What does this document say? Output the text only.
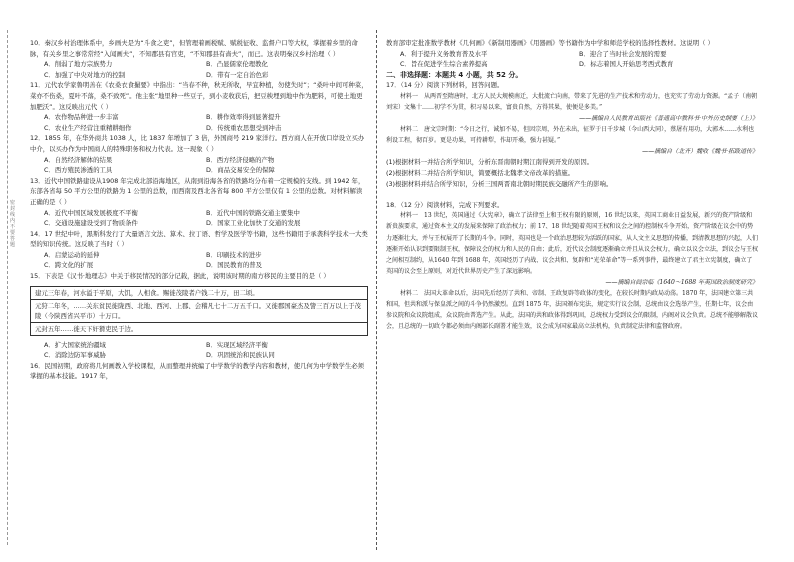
密 封 线 内 不 要 答 题

10．秦汉乡村治理体系中，乡画夫是为“斗食之吏”，但管理着画税赋、赋税征收、监督户口等大权，掌握着乡里的命脉，有关乡里之事常常经“入闻画夫”，不知郡县有官吏，“不知郡县有啬夫”，而已。这表明秦汉乡村治理（ ）

A．削弱了地方宗族势力	B．凸显儒家伦理教化
C．加强了中央对地方的控制	D．带有一定自治色彩

11．元代农学家鲁明善在《农桑衣食撮要》中指出：“当春不种，秋无所收，早宜种植，勿使失时”；“桑叶中间可种菜，菜亦不伤桑，夏叶不落，桑不致死”。他主张“地里种一些豆子，到小麦收获后，把豆秧埋到地中作为肥料，可使土地更加肥沃”。这反映出元代（ ）

A．农作物品种进一步丰富	B．耕作效率得到显著提升
C．农业生产经营注重精耕细作	D．传统重农思想受到冲击

12．1855 年，在华外商共 1038 人，比 1837 年增加了 3 倍，外国商号 219 家洋行。西方商人在开放口岸设立买办中介，以买办作为中国商人的特殊职务和权力代表。这一现象（ ）

A．自然经济解体的结果	B．西方经济侵略的产物
C．西方殖民渗透的工具	D．商品交易安全的保障

13．近代中国铁路建设从1908 年完成北部沿海地区，从南到沿海各省的铁路均分布着一定规模的支线。到 1942 年，东部各省每 50 平方公里的铁路为 1 公里的总数，而西南及西北各省每 800 平方公里仅有 1 公里的总数。对材料解读正确的是（ ）

A．近代中国区域发展极度不平衡	B．近代中国的铁路交通主要集中
C．交通设施建设受到了物质条件	D．国家工业化加快了交通的发展

14．17 世纪中叶，黑斯科发行了大量语言文法、算术、拉丁语、哲学及医学等书籍，这些书籍用于承袭科学技术一大类型的知识传统。这反映了当时（ ）

A．启蒙运动的延伸	B．印刷技术的进步
C．跨文化的扩展	D．国民教育的普及

15．下表是《汉书·地理志》中关于移民情况的部分记载，据此，说明该时期的南方移民的主要目的是（ ）

建元三年春，河水溢于平原，大饥，人相食。赐徙茂陵者户钱二十万，田二顷。
元狩二年冬，……关东贫民徙陇西、北地、西河、上郡、会稽凡七十二万五千口。又徙郡国豪杰及訾三百万以上于茂陵（今陕西省兴平市）十万口。
元封五年……徙天下奸猾吏民于边。
A．扩大国家统治疆域	B．实现区域经济平衡
C．消除边防军事威胁	D．巩固统治和民族认同

16．民国初期，政府将几何画教入学校课程，从而整理并统编了中学数学的教学内容和教材，使几何为中学数学生必须掌握的基本技能。1917 年，

教育部审定批准数学教材《几何画》《新制用器画》《用器画》等书籍作为中学和师范学校的选择性教材。这说明（ ）

A．利于提升义务教育普及水平	B．迎合了当时社会发展的需要
C．旨在促进学生综合素养提高	D．标志着国人开始思考西式教育

二、非选择题：本题共 4 小题，共 52 分。

17．（14 分）阅读下列材料，回答问题。

材料一　从两晋至隋唐时，北方人民大规模南迁，大批流亡向南，带来了先进的生产技术和劳动力，也充实了劳动力资源。“孟子（南朝刘宋）文集十……初学不为贯，积习易以来，富贵自然，方得其果，使便是多美。”

——摘编自人民教育出版社《普通高中教科书·中外历史纲要（上）》

材料二　唐文宗时期：“今日之行，诚加不易，但因宗周，外在未出，征罗于日千步城（今山西大同），蔡屠有用功，大郭木……水利也利设工程，彻百岁。更是功果，可持耕犁，作却开桑，强力甚疑。”

——摘编自（北齐）魏收《魏书·拓跋道传》

(1)根据材料一并结合所学知识，分析东晋南朝时期江南得到开发的原因。

(2)根据材料二并结合所学知识，简要概括北魏孝文帝改革的措施。

(3)根据材料并结合所学知识，分析三国两晋南北朝时期民族交融所产生的影响。

18．（12 分）阅读材料，完成下列要求。

材料一　13 世纪，英国通过《大宪章》，确立了法律至上和王权有限的原则，16 世纪以来，英国工商业日益发展，新兴的资产阶级和新贵族要求，通过资本主义的发展来保障了政治权力；前 17、18 世纪随着英国王权和议会之间的控制权斗争开始，资产阶级在议会中的势力逐渐壮大，并与王权展开了长期的斗争。同时，英国也是一个政治思想较为活跃的国家，从人文主义思想的传播，到清教思想的兴起，人们逐渐开始认识到要限制王权，保障议会的权力和人民的自由；此后，近代议会制度逐渐确立并且从议会权力，确立以议会立法，到议会与王权之间相互制约，从1640 年到 1688 年，英国经历了内战、议会共和、复辟和“光荣革命”等一系列事件，最终建立了君主立宪制度，确立了英国的议会至上原则，对近代世界历史产生了深远影响。

——摘编自阎宗临《1640～1688 年英国政治制度研究》

材料二　法国大革命以后，法国先后经历了共和、帝制、王政复辟等政体的变化，在较长时期内政局动荡。1870 年，法国建立第三共和国，但共和派与保皇派之间的斗争仍然激烈。直到 1875 年，法国颁布宪法，规定实行议会制，总统由议会选举产生，任期七年，议会由参议院和众议院组成，众议院由普选产生。从此，法国的共和政体得到巩固，总统权力受到议会的限制，内阁对议会负责。总统不能够解散议会，且总统的一切政令都必须由内阁部长副署才能生效，议会成为国家最高立法机构，负责制定法律和监督政府。
